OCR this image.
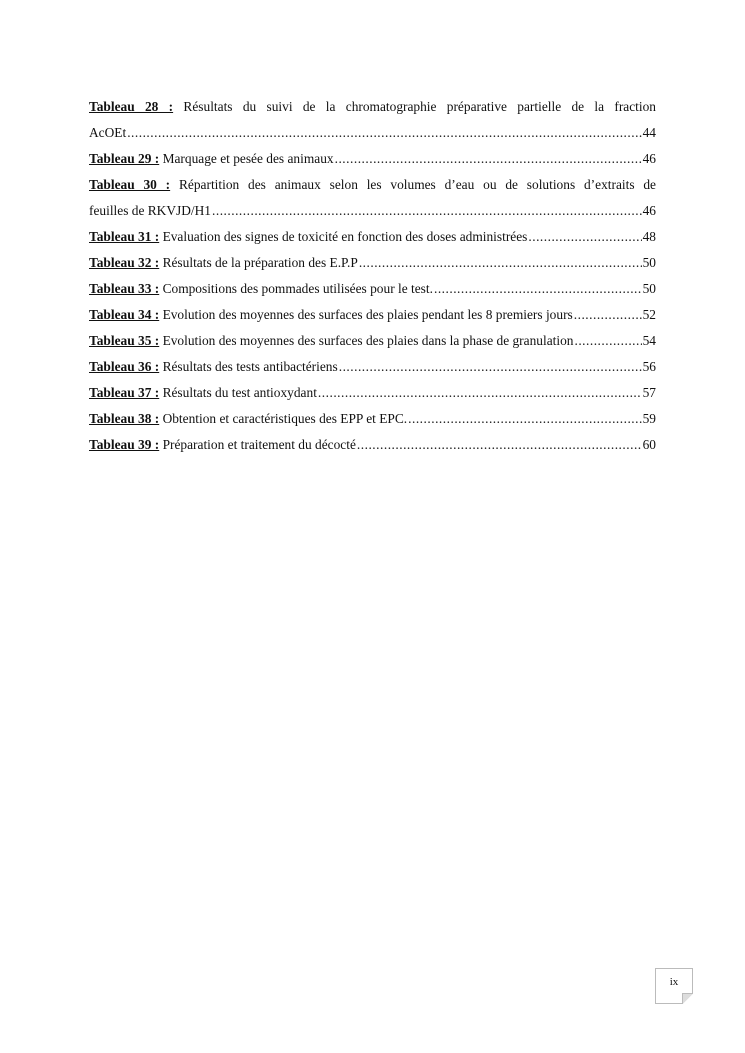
Tableau 28 : Résultats du suivi de la chromatographie préparative partielle de la fraction
AcOEt .....	44
Tableau 29 : Marquage et pesée des animaux .....	46
Tableau 30 : Répartition des animaux selon les volumes d’eau ou de solutions d’extraits de
feuilles de RKVJD/H1 .....	46
Tableau 31 : Evaluation des signes de toxicité en fonction des doses administrées .....	48
Tableau 32 : Résultats de la préparation des E.P.P .....	50
Tableau 33 : Compositions des pommades utilisées pour le test. .....	50
Tableau 34 : Evolution des moyennes des surfaces des plaies pendant les 8 premiers jours .....	52
Tableau 35 : Evolution des moyennes des surfaces des plaies dans la phase de granulation .....	54
Tableau 36 : Résultats des tests antibactériens .....	56
Tableau 37 : Résultats du test antioxydant .....	57
Tableau 38 : Obtention et caractéristiques des EPP et EPC. .....	59
Tableau 39 : Préparation et traitement du décocté .....	60
ix
